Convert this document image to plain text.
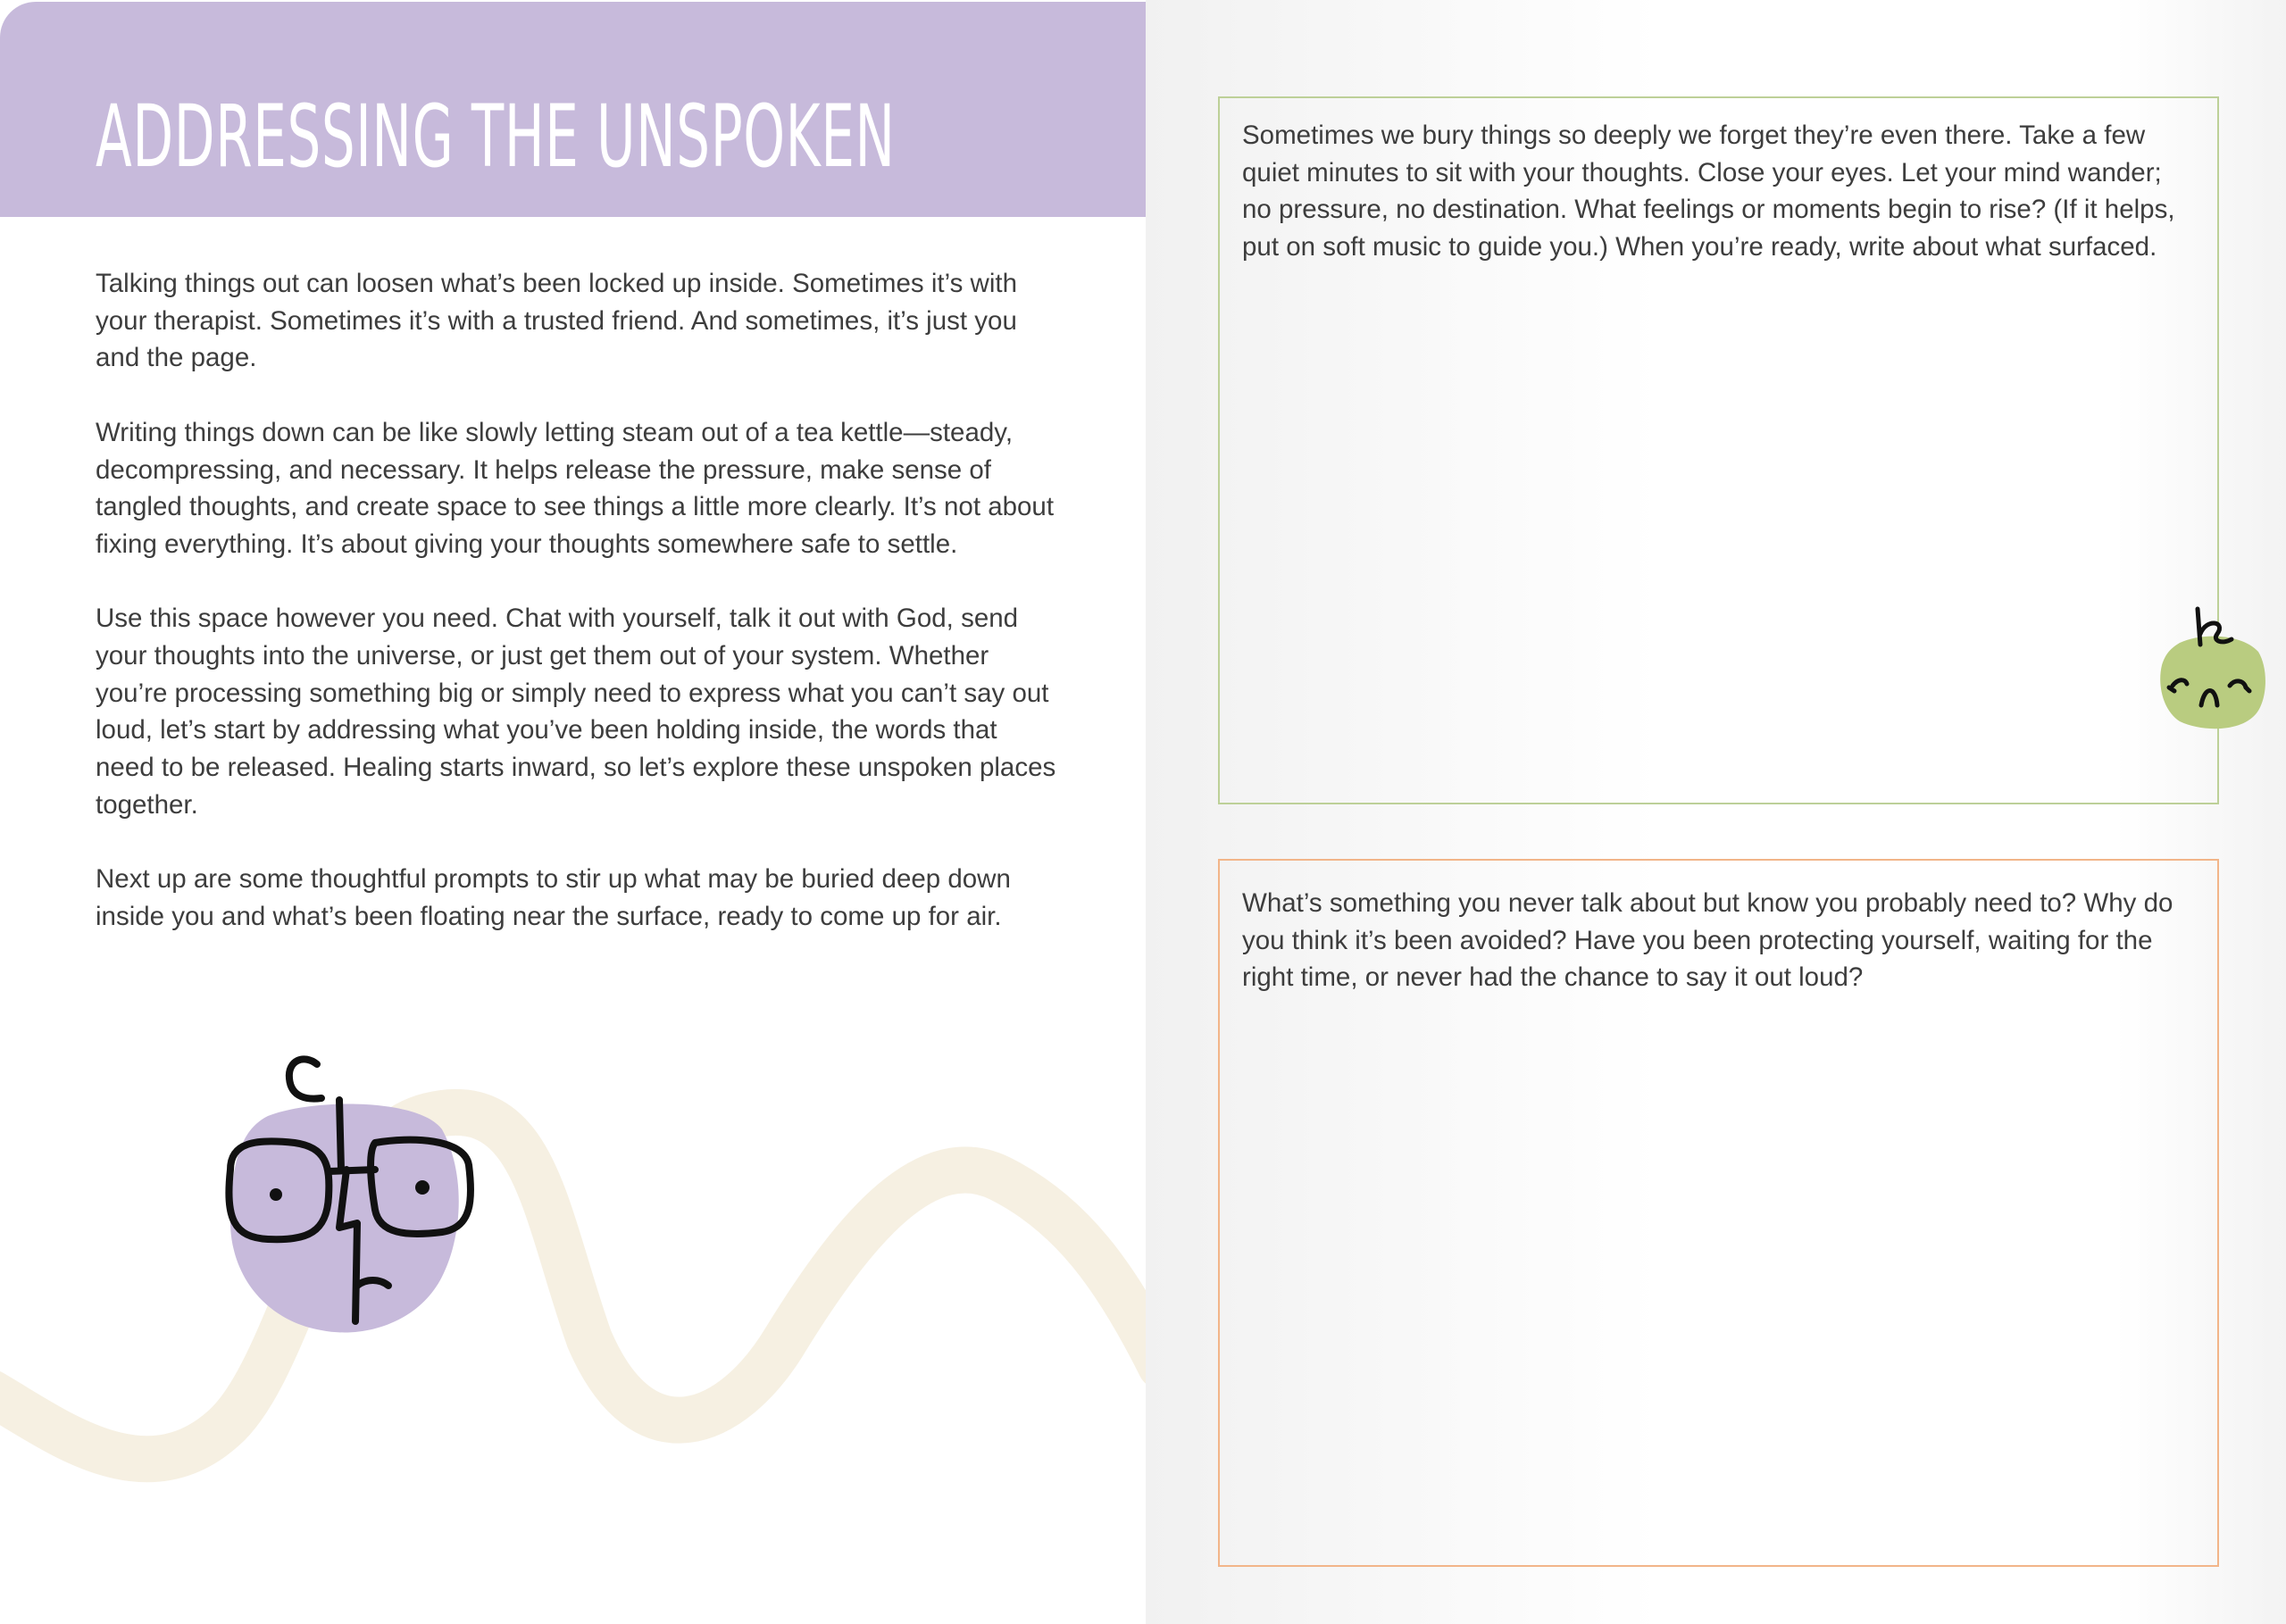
ADDRESSING THE UNSPOKEN

Talking things out can loosen what’s been locked up inside. Sometimes it’s with your therapist. Sometimes it’s with a trusted friend. And sometimes, it’s just you and the page.

Writing things down can be like slowly letting steam out of a tea kettle—steady, decompressing, and necessary. It helps release the pressure, make sense of tangled thoughts, and create space to see things a little more clearly. It’s not about fixing everything. It’s about giving your thoughts somewhere safe to settle.

Use this space however you need. Chat with yourself, talk it out with God, send your thoughts into the universe, or just get them out of your system. Whether you’re processing something big or simply need to express what you can’t say out loud, let’s start by addressing what you’ve been holding inside, the words that need to be released. Healing starts inward, so let’s explore these unspoken places together.

Next up are some thoughtful prompts to stir up what may be buried deep down inside you and what’s been floating near the surface, ready to come up for air.

Sometimes we bury things so deeply we forget they’re even there. Take a few quiet minutes to sit with your thoughts. Close your eyes. Let your mind wander; no pressure, no destination. What feelings or moments begin to rise? (If it helps, put on soft music to guide you.) When you’re ready, write about what surfaced.

What’s something you never talk about but know you probably need to? Why do you think it’s been avoided? Have you been protecting yourself, waiting for the right time, or never had the chance to say it out loud?
